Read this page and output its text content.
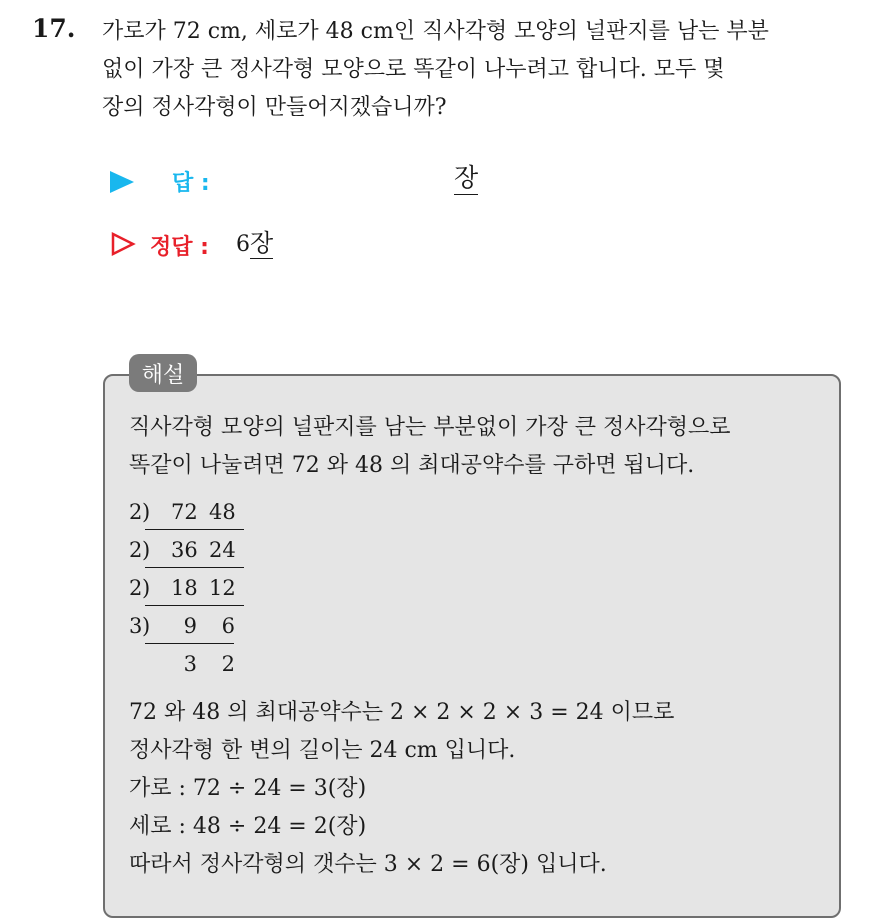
17. 가로가 72 cm, 세로가 48 cm인 직사각형 모양의 널판지를 남는 부분
없이 가장 큰 정사각형 모양으로 똑같이 나누려고 합니다. 모두 몇
장의 정사각형이 만들어지겠습니까?
답 :	장
정답 : 6장
해설
직사각형 모양의 널판지를 남는 부분없이 가장 큰 정사각형으로
똑같이 나눌려면 72 와 48 의 최대공약수를 구하면 됩니다.
2 ) 72 48
2 ) 36 24
2 ) 18 12
3 )	9	6
3	2
72 와 48 의 최대공약수는 2 × 2 × 2 × 3 = 24 이므로
정사각형 한 변의 길이는 24 cm 입니다.
가로 : 72 ÷ 24 = 3(장)
세로 : 48 ÷ 24 = 2(장)
따라서 정사각형의 갯수는 3 × 2 = 6(장) 입니다.
